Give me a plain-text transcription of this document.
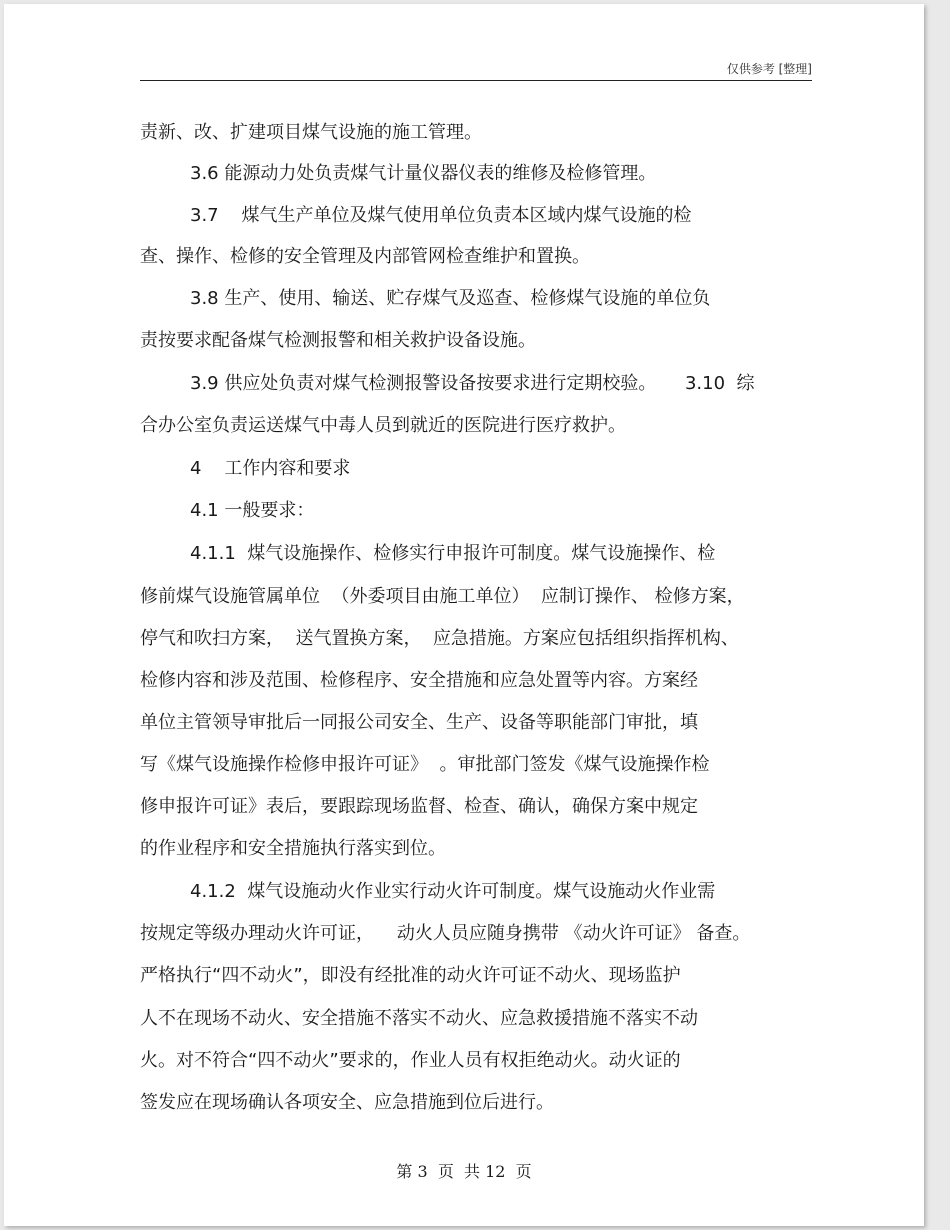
仅供参考 [整理]
责新、改、扩建项目煤气设施的施工管理。
3.6 能源动力处负责煤气计量仪器仪表的维修及检修管理。
3.7    煤气生产单位及煤气使用单位负责本区域内煤气设施的检
查、操作、检修的安全管理及内部管网检查维护和置换。
3.8 生产、使用、输送、贮存煤气及巡查、检修煤气设施的单位负
责按要求配备煤气检测报警和相关救护设备设施。
3.9 供应处负责对煤气检测报警设备按要求进行定期校验。     3.10  综
合办公室负责运送煤气中毒人员到就近的医院进行医疗救护。
4    工作内容和要求
4.1 一般要求：
4.1.1  煤气设施操作、检修实行申报许可制度。煤气设施操作、检
修前煤气设施管属单位  （外委项目由施工单位）  应制订操作、 检修方案，
停气和吹扫方案，  送气置换方案，  应急措施。方案应包括组织指挥机构、
检修内容和涉及范围、检修程序、安全措施和应急处置等内容。方案经
单位主管领导审批后一同报公司安全、生产、设备等职能部门审批，填
写《煤气设施操作检修申报许可证》  。审批部门签发《煤气设施操作检
修申报许可证》表后，要跟踪现场监督、检查、确认，确保方案中规定
的作业程序和安全措施执行落实到位。
4.1.2  煤气设施动火作业实行动火许可制度。煤气设施动火作业需
按规定等级办理动火许可证，    动火人员应随身携带 《动火许可证》 备查。
严格执行“四不动火”，即没有经批准的动火许可证不动火、现场监护
人不在现场不动火、安全措施不落实不动火、应急救援措施不落实不动
火。对不符合“四不动火”要求的，作业人员有权拒绝动火。动火证的
签发应在现场确认各项安全、应急措施到位后进行。
第 3  页  共 12  页
